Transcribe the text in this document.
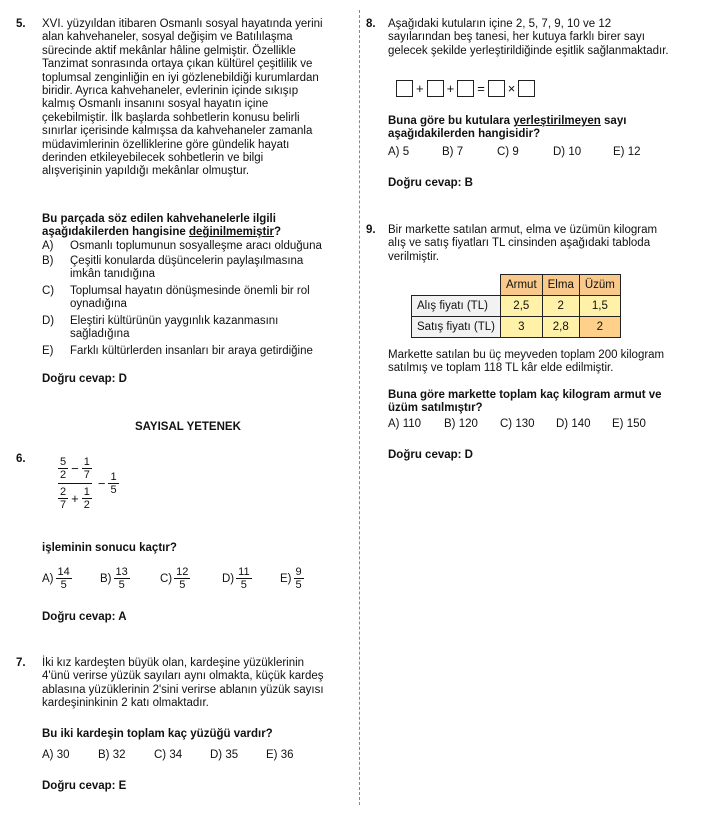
5. XVI. yüzyıldan itibaren Osmanlı sosyal hayatında yerini
alan kahvehaneler, sosyal değişim ve Batılılaşma
sürecinde aktif mekânlar hâline gelmiştir. Özellikle
Tanzimat sonrasında ortaya çıkan kültürel çeşitlilik ve
toplumsal zenginliğin en iyi gözlenebildiği kurumlardan
biridir. Ayrıca kahvehaneler, evlerinin içinde sıkışıp
kalmış Osmanlı insanını sosyal hayatın içine
çekebilmiştir. İlk başlarda sohbetlerin konusu belirli
sınırlar içerisinde kalmışsa da kahvehaneler zamanla
müdavimlerinin özelliklerine göre gündelik hayatı
derinden etkileyebilecek sohbetlerin ve bilgi
alışverişinin yapıldığı mekânlar olmuştur.
Bu parçada söz edilen kahvehanelerle ilgili
aşağıdakilerden hangisine değinilmemiştir?
A) Osmanlı toplumunun sosyalleşme aracı olduğuna
B) Çeşitli konularda düşüncelerin paylaşılmasına
imkân tanıdığına
C) Toplumsal hayatın dönüşmesinde önemli bir rol
oynadığına
D) Eleştiri kültürünün yaygınlık kazanmasını
sağladığına
E) Farklı kültürlerden insanları bir araya getirdiğine
Doğru cevap: D
SAYISAL YETENEK
6.	$\frac{\frac{5}{2} - \frac{1}{7}}{\frac{2}{7} + \frac{1}{2}} - \frac{1}{5}$
işleminin sonucu kaçtır?
$A) \frac{14}{5} B) \frac{13}{5}$	$C) \frac{12}{5}$	$D) \frac{11}{5} E) \frac{9}{5}$
Doğru cevap: A
7. İki kız kardeşten büyük olan, kardeşine yüzüklerinin
4'ünü verirse yüzük sayıları aynı olmakta, küçük kardeş
ablasına yüzüklerinin 2'sini verirse ablanın yüzük sayısı
kardeşininkinin 2 katı olmaktadır.
Bu iki kardeşin toplam kaç yüzüğü vardır?
A) 30	B) 32	C) 34	D) 35	E) 36
Doğru cevap: E
8. Aşağıdaki kutuların içine 2, 5, 7, 9, 10 ve 12
sayılarından beş tanesi, her kutuya farklı birer sayı
gelecek şekilde yerleştirildiğinde eşitlik sağlanmaktadır.
+ + = ×
Buna göre bu kutulara yerleştirilmeyen sayı
aşağıdakilerden hangisidir?
A) 5	B) 7	C) 9	D) 10	E) 12
Doğru cevap: B
9. Bir markette satılan armut, elma ve üzümün kilogram
alış ve satış fiyatları TL cinsinden aşağıdaki tabloda
verilmiştir.
	Armut	Elma	Üzüm
Alış fiyatı (TL)	2,5	2	1,5
Satış fiyatı (TL)	3	2,8	2
Markette satılan bu üç meyveden toplam 200 kilogram
satılmış ve toplam 118 TL kâr elde edilmiştir.
Buna göre markette toplam kaç kilogram armut ve
üzüm satılmıştır?
A) 110	B) 120	C) 130	D) 140	E) 150
Doğru cevap: D
